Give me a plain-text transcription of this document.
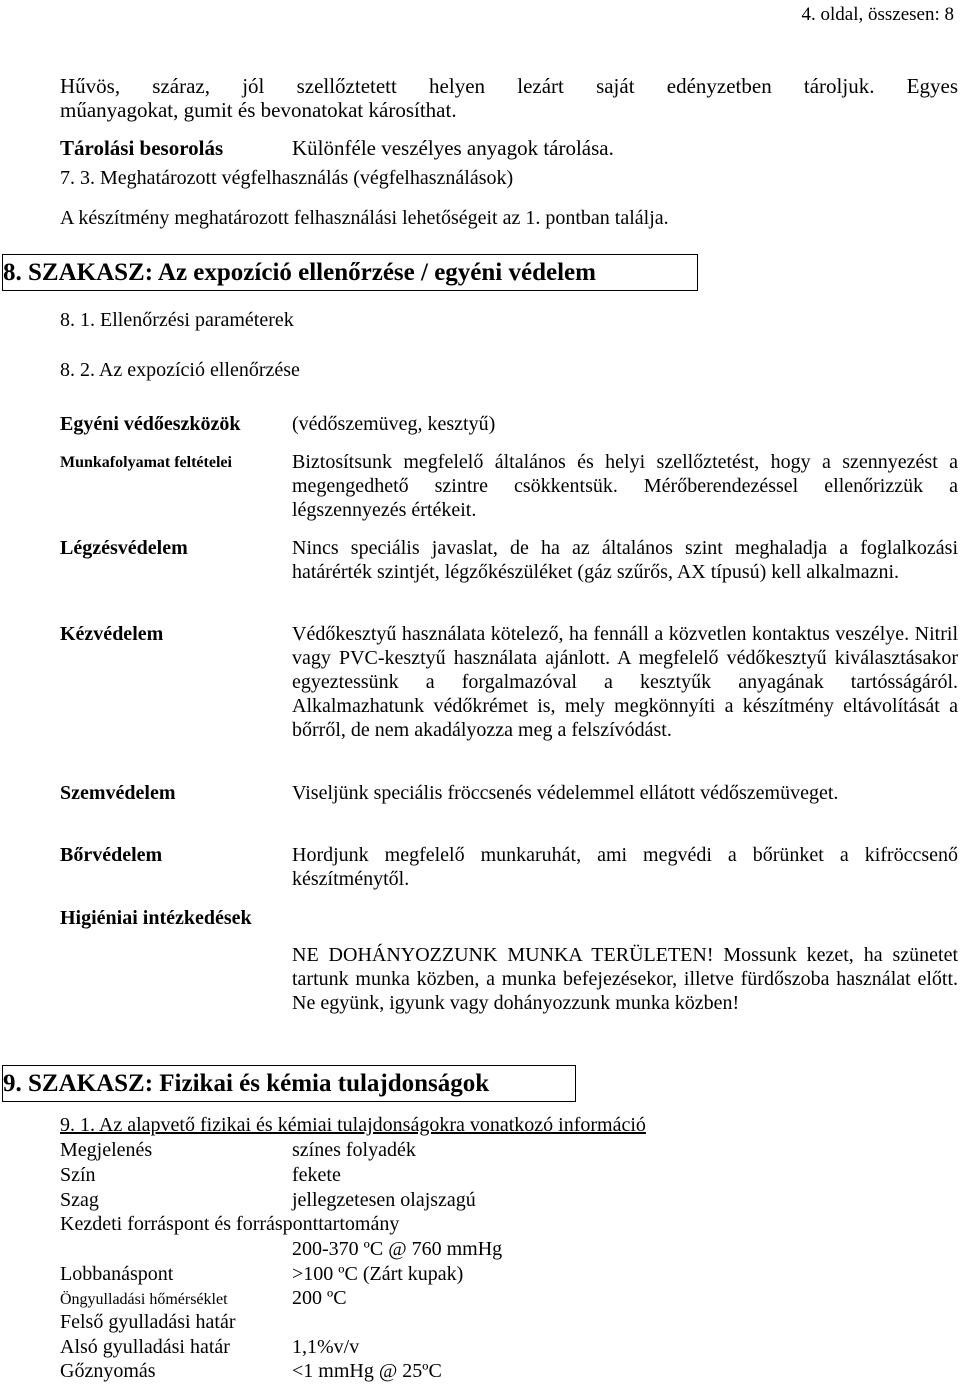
4. oldal, összesen: 8
Hűvös, száraz, jól szellőztetett helyen lezárt saját edényzetben tároljuk. Egyes
műanyagokat, gumit és bevonatokat károsíthat.
Tárolási besorolás	Különféle veszélyes anyagok tárolása.
7. 3. Meghatározott végfelhasználás (végfelhasználások)
A készítmény meghatározott felhasználási lehetőségeit az 1. pontban találja.
8. SZAKASZ: Az expozíció ellenőrzése / egyéni védelem
8. 1. Ellenőrzési paraméterek
8. 2. Az expozíció ellenőrzése
Egyéni védőeszközök	(védőszemüveg, kesztyű)
Munkafolyamat feltételei	Biztosítsunk megfelelő általános és helyi szellőztetést, hogy a szennyezést a megengedhető szintre csökkentsük. Mérőberendezéssel ellenőrizzük a légszennyezés értékeit.
Légzésvédelem	Nincs speciális javaslat, de ha az általános szint meghaladja a foglalkozási határérték szintjét, légzőkészüléket (gáz szűrős, AX típusú) kell alkalmazni.
Kézvédelem	Védőkesztyű használata kötelező, ha fennáll a közvetlen kontaktus veszélye. Nitril vagy PVC-kesztyű használata ajánlott. A megfelelő védőkesztyű kiválasztásakor egyeztessünk a forgalmazóval a kesztyűk anyagának tartósságáról. Alkalmazhatunk védőkrémet is, mely megkönnyíti a készítmény eltávolítását a bőrről, de nem akadályozza meg a felszívódást.
Szemvédelem	Viseljünk speciális fröccsenés védelemmel ellátott védőszemüveget.
Bőrvédelem	Hordjunk megfelelő munkaruhát, ami megvédi a bőrünket a kifröccsenő készítménytől.
Higiéniai intézkedések
NE DOHÁNYOZZUNK MUNKA TERÜLETEN! Mossunk kezet, ha szünetet tartunk munka közben, a munka befejezésekor, illetve fürdőszoba használat előtt. Ne együnk, igyunk vagy dohányozzunk munka közben!
9. SZAKASZ: Fizikai és kémia tulajdonságok
9. 1. Az alapvető fizikai és kémiai tulajdonságokra vonatkozó információ
Megjelenés	színes folyadék
Szín	fekete
Szag	jellegzetesen olajszagú
Kezdeti forráspont és forrásponttartomány
200-370 ºC @ 760 mmHg
Lobbanáspont	>100 ºC (Zárt kupak)
Öngyulladási hőmérséklet	200 ºC
Felső gyulladási határ
Alsó gyulladási határ	1,1%v/v
Gőznyomás	<1 mmHg @ 25ºC
